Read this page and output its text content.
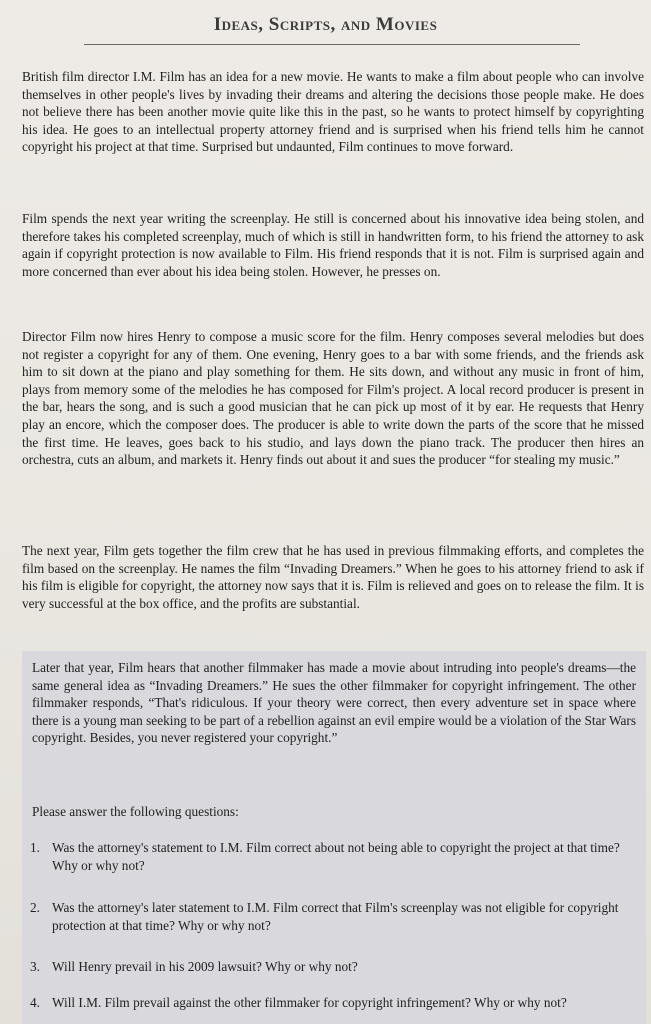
Ideas, Scripts, and Movies

British film director I.M. Film has an idea for a new movie. He wants to make a film about people who can involve themselves in other people's lives by invading their dreams and altering the decisions those people make. He does not believe there has been another movie quite like this in the past, so he wants to protect himself by copyrighting his idea. He goes to an intellectual property attorney friend and is surprised when his friend tells him he cannot copyright his project at that time. Surprised but undaunted, Film continues to move forward.

Film spends the next year writing the screenplay. He still is concerned about his innovative idea being stolen, and therefore takes his completed screenplay, much of which is still in handwritten form, to his friend the attorney to ask again if copyright protection is now available to Film. His friend responds that it is not. Film is surprised again and more concerned than ever about his idea being stolen. However, he presses on.

Director Film now hires Henry to compose a music score for the film. Henry composes several melodies but does not register a copyright for any of them. One evening, Henry goes to a bar with some friends, and the friends ask him to sit down at the piano and play something for them. He sits down, and without any music in front of him, plays from memory some of the melodies he has composed for Film's project. A local record producer is present in the bar, hears the song, and is such a good musician that he can pick up most of it by ear. He requests that Henry play an encore, which the composer does. The producer is able to write down the parts of the score that he missed the first time. He leaves, goes back to his studio, and lays down the piano track. The producer then hires an orchestra, cuts an album, and markets it. Henry finds out about it and sues the producer “for stealing my music.”

The next year, Film gets together the film crew that he has used in previous filmmaking efforts, and completes the film based on the screenplay. He names the film “Invading Dreamers.” When he goes to his attorney friend to ask if his film is eligible for copyright, the attorney now says that it is. Film is relieved and goes on to release the film. It is very successful at the box office, and the profits are substantial.

Later that year, Film hears that another filmmaker has made a movie about intruding into people's dreams—the same general idea as “Invading Dreamers.” He sues the other filmmaker for copyright infringement. The other filmmaker responds, “That's ridiculous. If your theory were correct, then every adventure set in space where there is a young man seeking to be part of a rebellion against an evil empire would be a violation of the Star Wars copyright. Besides, you never registered your copyright.”

Please answer the following questions:

1. Was the attorney's statement to I.M. Film correct about not being able to copyright the project at that time? Why or why not?
2. Was the attorney's later statement to I.M. Film correct that Film's screenplay was not eligible for copyright protection at that time? Why or why not?
3. Will Henry prevail in his 2009 lawsuit? Why or why not?
4. Will I.M. Film prevail against the other filmmaker for copyright infringement? Why or why not?
